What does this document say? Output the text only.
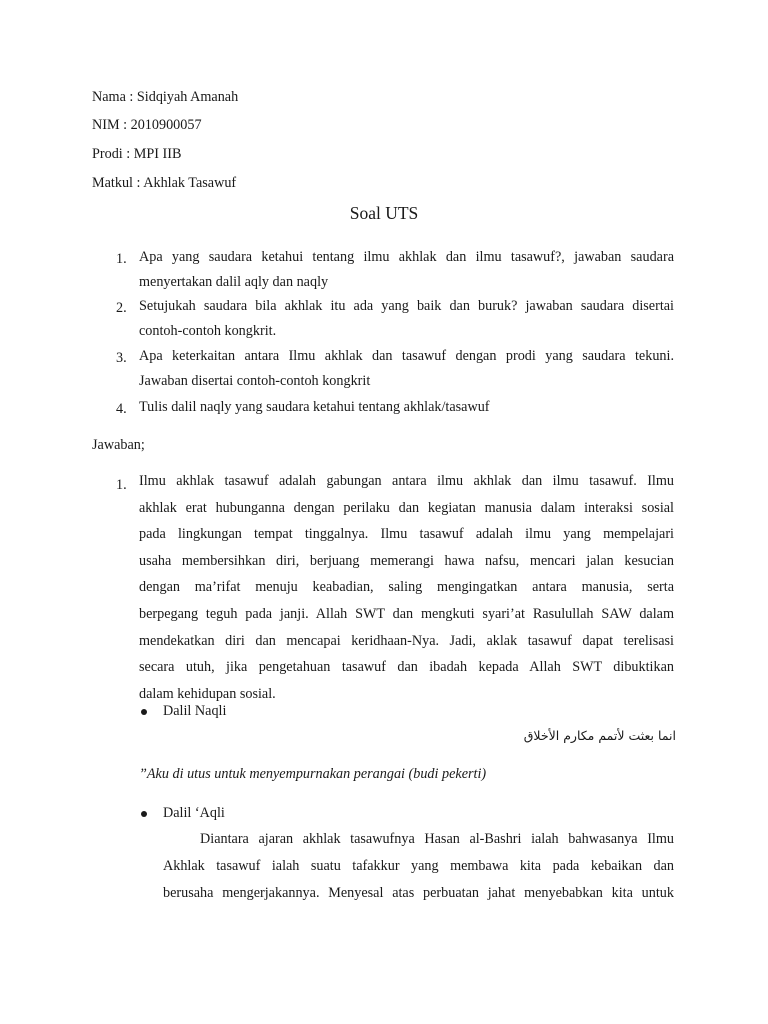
Nama : Sidqiyah Amanah
NIM : 2010900057
Prodi : MPI IIB
Matkul : Akhlak Tasawuf
Soal UTS
1. Apa yang saudara ketahui tentang ilmu akhlak dan ilmu tasawuf?, jawaban saudara
menyertakan dalil aqly dan naqly
2. Setujukah saudara bila akhlak itu ada yang baik dan buruk? jawaban saudara disertai
contoh-contoh kongkrit.
3. Apa keterkaitan antara Ilmu akhlak dan tasawuf dengan prodi yang saudara tekuni.
Jawaban disertai contoh-contoh kongkrit
4. Tulis dalil naqly yang saudara ketahui tentang akhlak/tasawuf
Jawaban;
1. Ilmu akhlak tasawuf adalah gabungan antara ilmu akhlak dan ilmu tasawuf. Ilmu
akhlak erat hubunganna dengan perilaku dan kegiatan manusia dalam interaksi sosial
pada lingkungan tempat tinggalnya. Ilmu tasawuf adalah ilmu yang mempelajari
usaha membersihkan diri, berjuang memerangi hawa nafsu, mencari jalan kesucian
dengan ma’rifat menuju keabadian, saling mengingatkan antara manusia, serta
berpegang teguh pada janji. Allah SWT dan mengkuti syari’at Rasulullah SAW dalam
mendekatkan diri dan mencapai keridhaan-Nya. Jadi, aklak tasawuf dapat terelisasi
secara utuh, jika pengetahuan tasawuf dan ibadah kepada Allah SWT dibuktikan
dalam kehidupan sosial.
Dalil Naqli
انما بعثت لأتمم مكارم الأخلاق
”Aku di utus untuk menyempurnakan perangai (budi pekerti)
Dalil ‘Aqli
Diantara ajaran akhlak tasawufnya Hasan al-Bashri ialah bahwasanya Ilmu
Akhlak tasawuf ialah suatu tafakkur yang membawa kita pada kebaikan dan
berusaha mengerjakannya. Menyesal atas perbuatan jahat menyebabkan kita untuk
